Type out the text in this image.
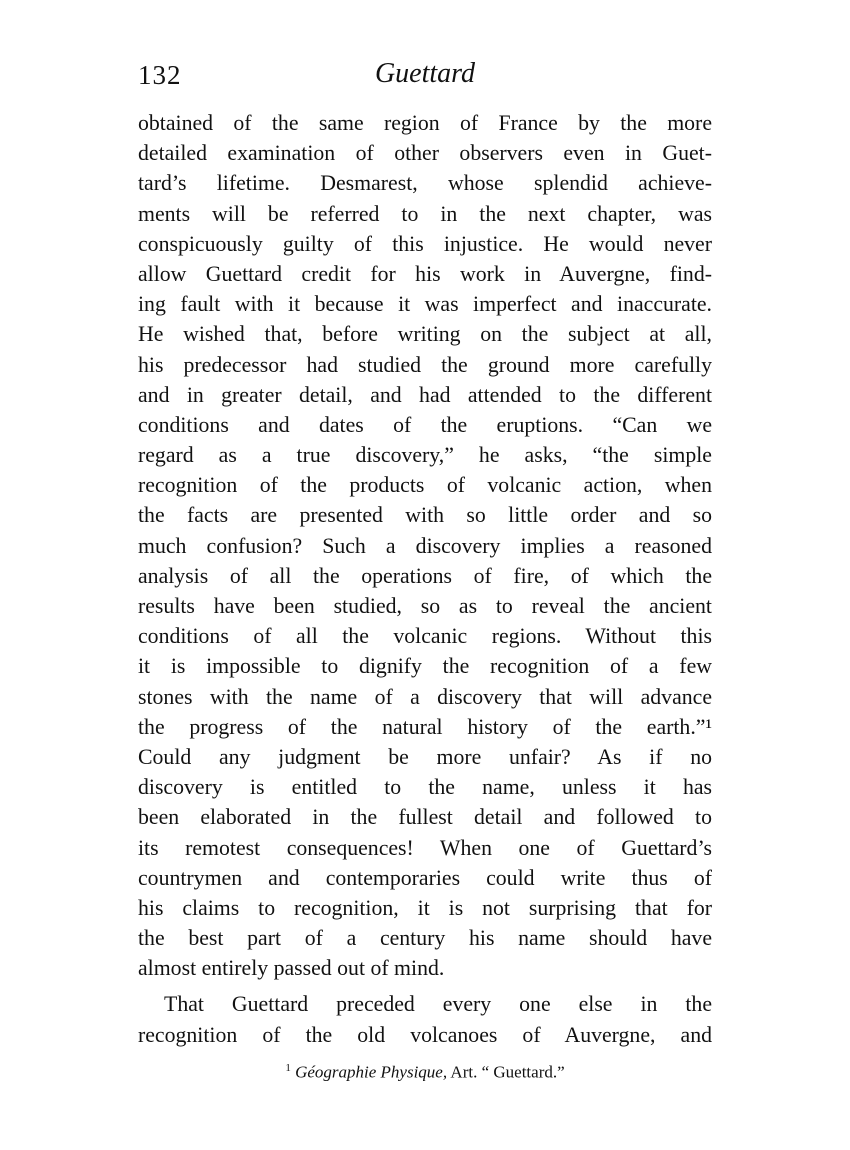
132	Guettard
obtained of the same region of France by the more
detailed examination of other observers even in Guet-
tard’s lifetime. Desmarest, whose splendid achieve-
ments will be referred to in the next chapter, was
conspicuously guilty of this injustice. He would never
allow Guettard credit for his work in Auvergne, find-
ing fault with it because it was imperfect and inaccurate.
He wished that, before writing on the subject at all,
his predecessor had studied the ground more carefully
and in greater detail, and had attended to the different
conditions and dates of the eruptions. “Can we
regard as a true discovery,” he asks, “the simple
recognition of the products of volcanic action, when
the facts are presented with so little order and so
much confusion? Such a discovery implies a reasoned
analysis of all the operations of fire, of which the
results have been studied, so as to reveal the ancient
conditions of all the volcanic regions. Without this
it is impossible to dignify the recognition of a few
stones with the name of a discovery that will advance
the progress of the natural history of the earth.”¹
Could any judgment be more unfair? As if no
discovery is entitled to the name, unless it has
been elaborated in the fullest detail and followed to
its remotest consequences! When one of Guettard’s
countrymen and contemporaries could write thus of
his claims to recognition, it is not surprising that for
the best part of a century his name should have
almost entirely passed out of mind.
That Guettard preceded every one else in the
recognition of the old volcanoes of Auvergne, and
$^1$ Géographie Physique, Art. “ Guettard.”
